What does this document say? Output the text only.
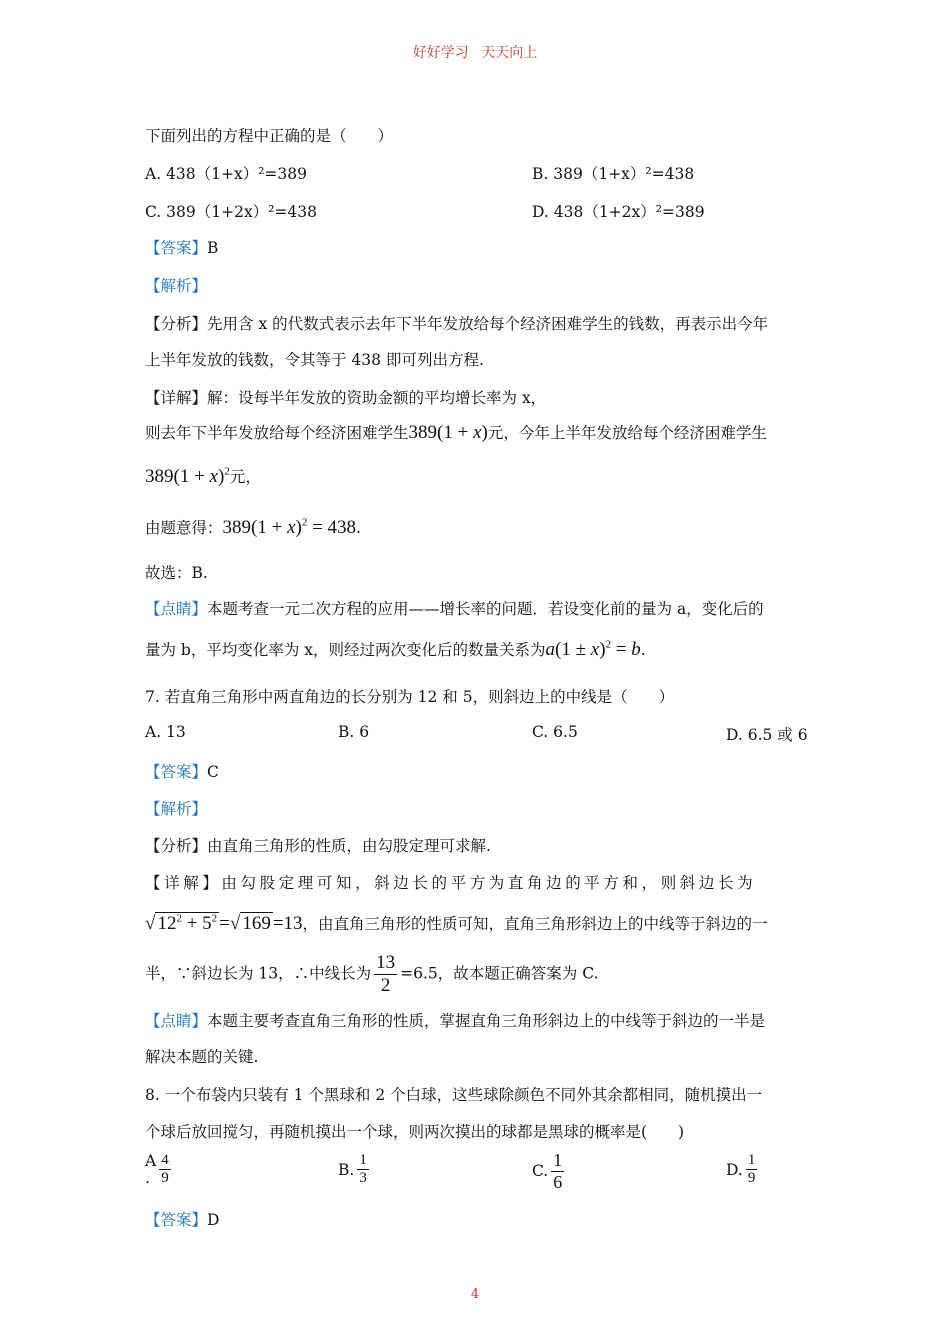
好好学习 天天向上
下面列出的方程中正确的是（　　）
A. 438（1+x）²=389	B. 389（1+x）²=438
C. 389（1+2x）²=438	D. 438（1+2x）²=389
【答案】B
【解析】
【分析】先用含 x 的代数式表示去年下半年发放给每个经济困难学生的钱数，再表示出今年
上半年发放的钱数，令其等于 438 即可列出方程.
【详解】解：设每半年发放的资助金额的平均增长率为 x，
则去年下半年发放给每个经济困难学生389(1 + x)元，今年上半年发放给每个经济困难学生
$389(1 + x)^2$元，
由题意得：$389(1 + x)^2 = 438$.
故选：B.
【点睛】本题考查一元二次方程的应用——增长率的问题．若设变化前的量为 a，变化后的
量为 b，平均变化率为 x，则经过两次变化后的数量关系为$a(1 \pm x)^2 = b$.
7. 若直角三角形中两直角边的长分别为 12 和 5，则斜边上的中线是（　　）
A. 13	B. 6	C. 6.5	D. 6.5 或 6
【答案】C
【解析】
【分析】由直角三角形的性质，由勾股定理可求解.
【详解】由勾股定理可知，斜边长的平方为直角边的平方和，则斜边长为
√ $12^2 + 5^2$ =√ 169 =13，由直角三角形的性质可知，直角三角形斜边上的中线等于斜边的一
半，∵斜边长为 13，∴中线长为 $\frac{13}{2} =6.5$，故本题正确答案为 C.
【点睛】本题主要考查直角三角形的性质，掌握直角三角形斜边上的中线等于斜边的一半是
解决本题的关键.
8. 一个布袋内只装有 1 个黑球和 2 个白球，这些球除颜色不同外其余都相同，随机摸出一
个球后放回搅匀，再随机摸出一个球，则两次摸出的球都是黑球的概率是(　　)
A
. $\frac{4}{9}$	B. $\frac{1}{3}$	C. $\frac{1}{6}$	D. $\frac{1}{9}$
【答案】D
4
